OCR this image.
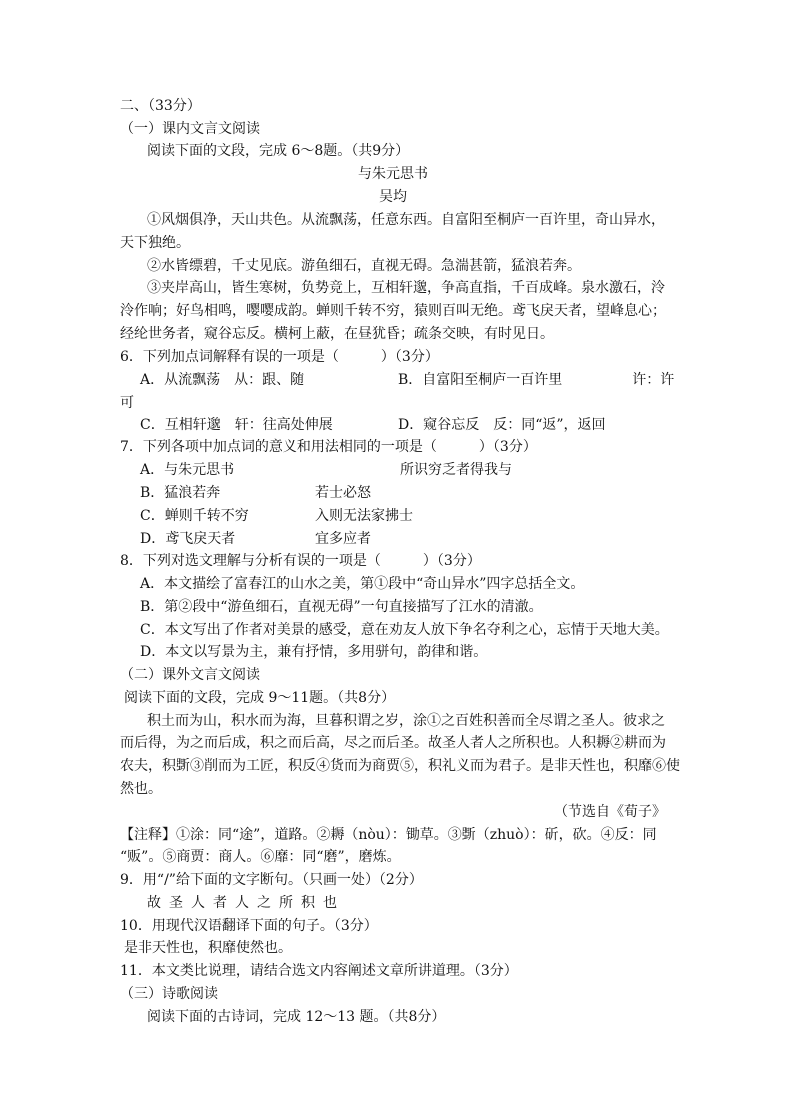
二、（33分）
（一）课内文言文阅读
阅读下面的文段，完成 6～8题。（共9分）
与朱元思书
吴均
①风烟俱净，天山共色。从流飘荡，任意东西。自富阳至桐庐一百许里，奇山异水，
天下独绝。
②水皆缥碧，千丈见底。游鱼细石，直视无碍。急湍甚箭，猛浪若奔。
③夹岸高山，皆生寒树，负势竞上，互相轩邈，争高直指，千百成峰。泉水激石，泠
泠作响；好鸟相鸣，嘤嘤成韵。蝉则千转不穷，猿则百叫无绝。鸢飞戾天者，望峰息心；
经纶世务者，窥谷忘反。横柯上蔽，在昼犹昏；疏条交映，有时见日。
6．下列加点词解释有误的一项是（　　　）（3分）
A．从流飘荡　从：跟、随	B．自富阳至桐庐一百许里　　　　　许：许
可
C．互相轩邈　轩：往高处伸展	D．窥谷忘反　反：同“返”，返回
7．下列各项中加点词的意义和用法相同的一项是（　　　）（3分）
A．与朱元思书	所识穷乏者得我与
B．猛浪若奔	若士必怒
C．蝉则千转不穷	入则无法家拂士
D．鸢飞戾天者	宜多应者
8．下列对选文理解与分析有误的一项是（　　　）（3分）
A．本文描绘了富春江的山水之美，第①段中“奇山异水”四字总括全文。
B．第②段中“游鱼细石，直视无碍”一句直接描写了江水的清澈。
C．本文写出了作者对美景的感受，意在劝友人放下争名夺利之心，忘情于天地大美。
D．本文以写景为主，兼有抒情，多用骈句，韵律和谐。
（二）课外文言文阅读
阅读下面的文段，完成 9～11题。（共8分）
积土而为山，积水而为海，旦暮积谓之岁，涂①之百姓积善而全尽谓之圣人。彼求之
而后得，为之而后成，积之而后高，尽之而后圣。故圣人者人之所积也。人积耨②耕而为
农夫，积斲③削而为工匠，积反④货而为商贾⑤，积礼义而为君子。是非天性也，积靡⑥使
然也。
（节选自《荀子》
【注释】①涂：同“途”，道路。②耨（nòu）：锄草。③斲（zhuò）：斫，砍。④反：同
“贩”。⑤商贾：商人。⑥靡：同“磨”，磨炼。
9．用“/”给下面的文字断句。（只画一处）（2分）
故圣人者人之所积也
10．用现代汉语翻译下面的句子。（3分）
是非天性也，积靡使然也。
11．本文类比说理，请结合选文内容阐述文章所讲道理。（3分）
（三）诗歌阅读
阅读下面的古诗词，完成 12～13 题。（共8分）
